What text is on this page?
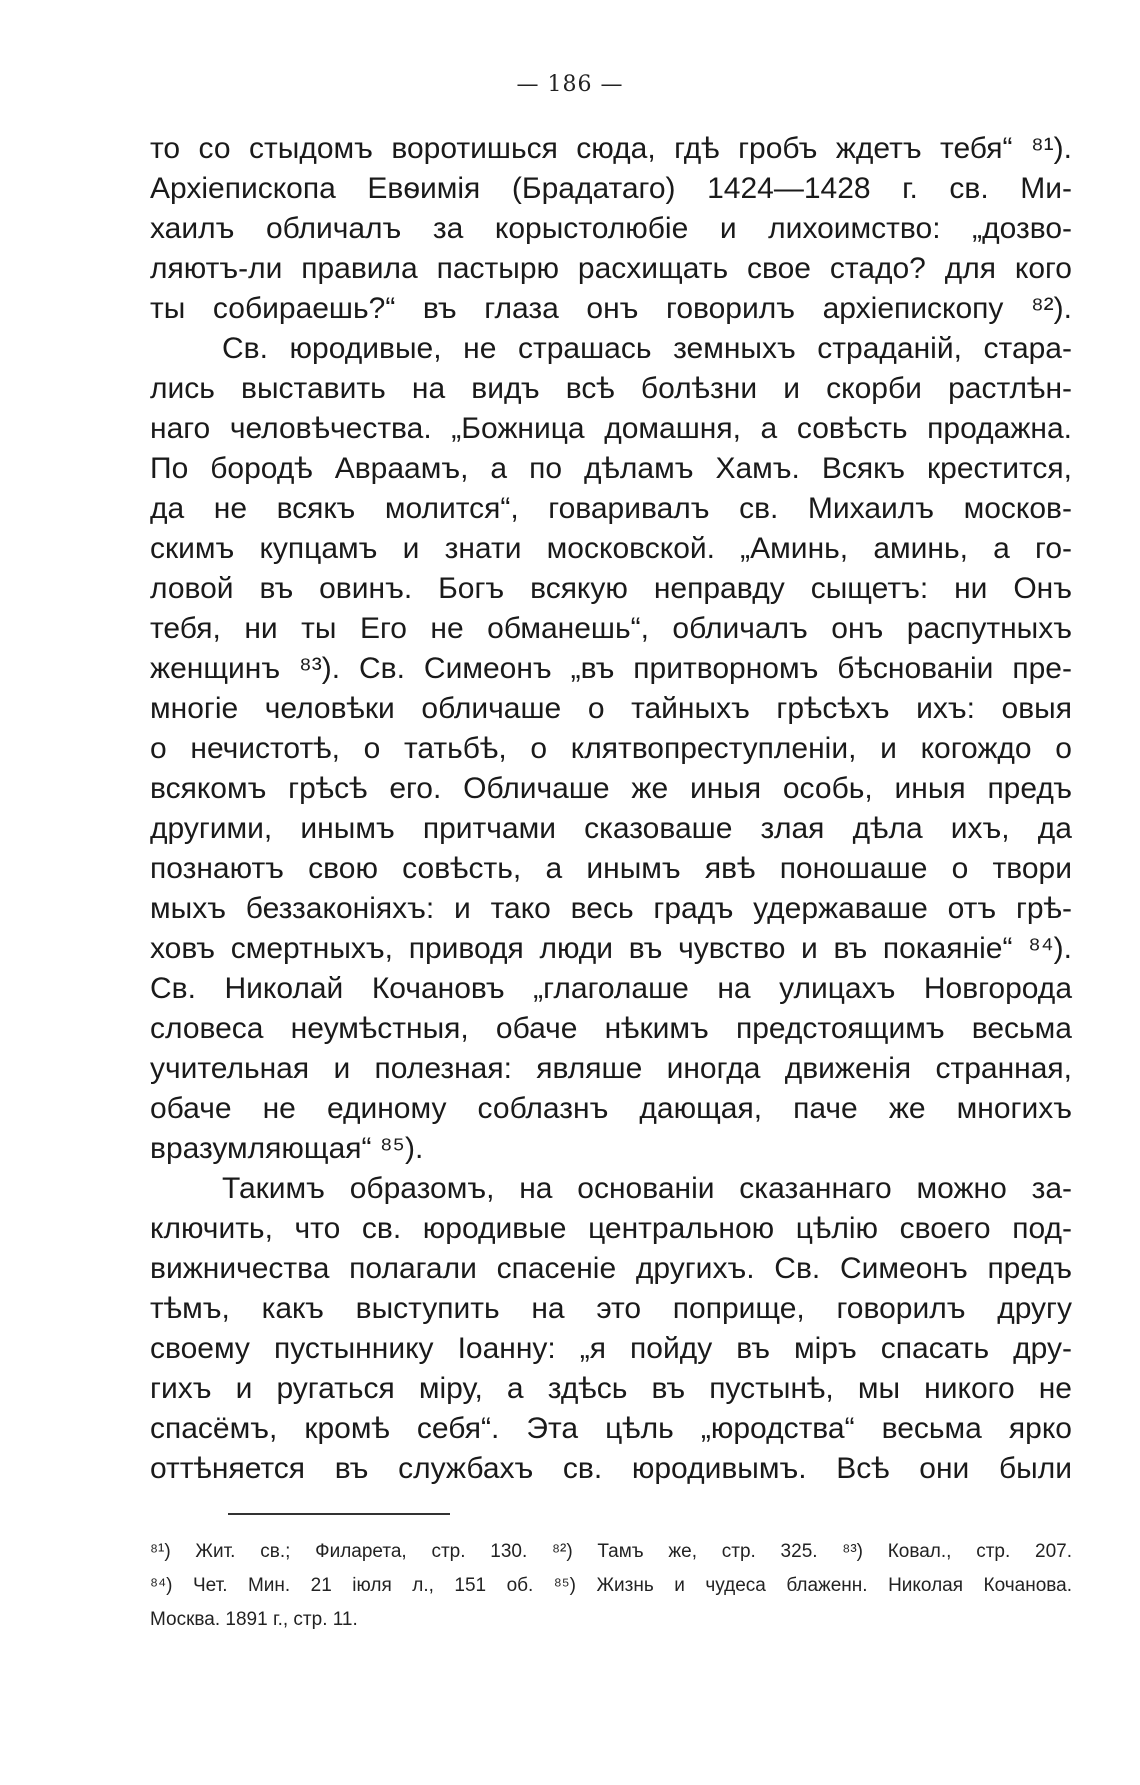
— 186 —
то со стыдомъ воротишься сюда, гдѣ гробъ ждетъ тебя“ ⁸¹).
Архіепископа Евѳимія (Брадатаго) 1424—1428 г. св. Ми-
хаилъ обличалъ за корыстолюбіе и лихоимство: „дозво-
ляютъ-ли правила пастырю расхищать свое стадо? для кого
ты собираешь?“ въ глаза онъ говорилъ архіепископу ⁸²).
Св. юродивые, не страшась земныхъ страданій, стара-
лись выставить на видъ всѣ болѣзни и скорби растлѣн-
наго человѣчества. „Божница домашня, а совѣсть продажна.
По бородѣ Авраамъ, а по дѣламъ Хамъ. Всякъ крестится,
да не всякъ молится“, говаривалъ св. Михаилъ москов-
скимъ купцамъ и знати московской. „Аминь, аминь, а го-
ловой въ овинъ. Богъ всякую неправду сыщетъ: ни Онъ
тебя, ни ты Его не обманешь“, обличалъ онъ распутныхъ
женщинъ ⁸³). Св. Симеонъ „въ притворномъ бѣснованіи пре-
многіе человѣки обличаше о тайныхъ грѣсѣхъ ихъ: овыя
о нечистотѣ, о татьбѣ, о клятвопреступленіи, и когождо о
всякомъ грѣсѣ его. Обличаше же иныя особь, иныя предъ
другими, инымъ притчами сказоваше злая дѣла ихъ, да
познаютъ свою совѣсть, а инымъ явѣ поношаше о твори
мыхъ беззаконіяхъ: и тако весь градъ удержаваше отъ грѣ-
ховъ смертныхъ, приводя люди въ чувство и въ покаяніе“ ⁸⁴).
Св. Николай Кочановъ „глаголаше на улицахъ Новгорода
словеса неумѣстныя, обаче нѣкимъ предстоящимъ весьма
учительная и полезная: являше иногда движенія странная,
обаче не единому соблазнъ дающая, паче же многихъ
вразумляющая“ ⁸⁵).
Такимъ образомъ, на основаніи сказаннаго можно за-
ключить, что св. юродивые центральною цѣлію своего под-
вижничества полагали спасеніе другихъ. Св. Симеонъ предъ
тѣмъ, какъ выступить на это поприще, говорилъ другу
своему пустыннику Іоанну: „я пойду въ міръ спасать дру-
гихъ и ругаться міру, а здѣсь въ пустынѣ, мы никого не
спасёмъ, кромѣ себя“. Эта цѣль „юродства“ весьма ярко
оттѣняется въ службахъ св. юродивымъ. Всѣ они были
⁸¹) Жит. св.; Филарета, стр. 130. ⁸²) Тамъ же, стр. 325. ⁸³) Ковал., стр. 207.
⁸⁴) Чет. Мин. 21 іюля л., 151 об. ⁸⁵) Жизнь и чудеса блаженн. Николая Кочанова.
Москва. 1891 г., стр. 11.
